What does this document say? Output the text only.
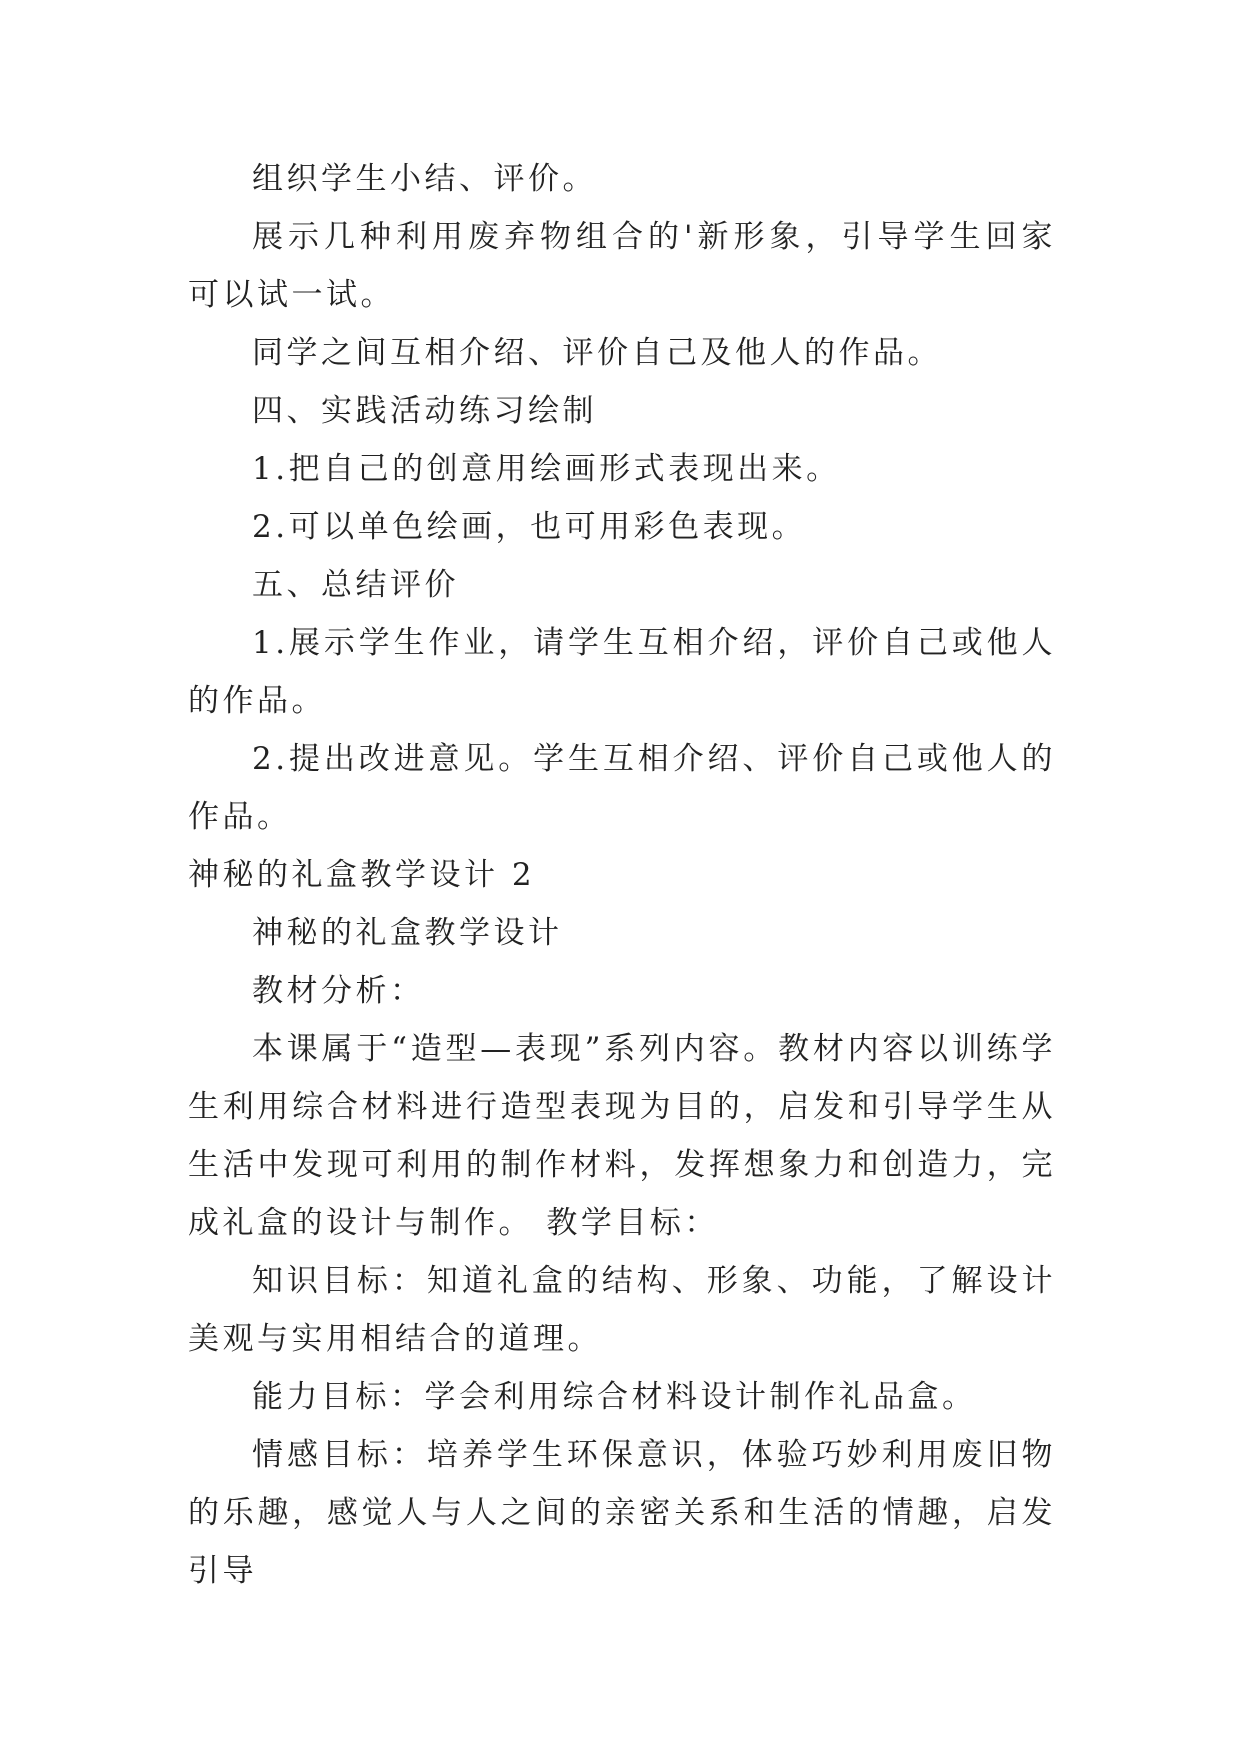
组织学生小结、评价。

展示几种利用废弃物组合的'新形象，引导学生回家可以试一试。

同学之间互相介绍、评价自己及他人的作品。

四、实践活动练习绘制

1.把自己的创意用绘画形式表现出来。

2.可以单色绘画，也可用彩色表现。

五、总结评价

1.展示学生作业，请学生互相介绍，评价自己或他人的作品。

2.提出改进意见。学生互相介绍、评价自己或他人的作品。

神秘的礼盒教学设计 2

神秘的礼盒教学设计

教材分析：

本课属于“造型—表现”系列内容。教材内容以训练学生利用综合材料进行造型表现为目的，启发和引导学生从生活中发现可利用的制作材料，发挥想象力和创造力，完成礼盒的设计与制作。 教学目标：

知识目标：知道礼盒的结构、形象、功能，了解设计美观与实用相结合的道理。

能力目标：学会利用综合材料设计制作礼品盒。

情感目标：培养学生环保意识，体验巧妙利用废旧物的乐趣，感觉人与人之间的亲密关系和生活的情趣，启发引导
